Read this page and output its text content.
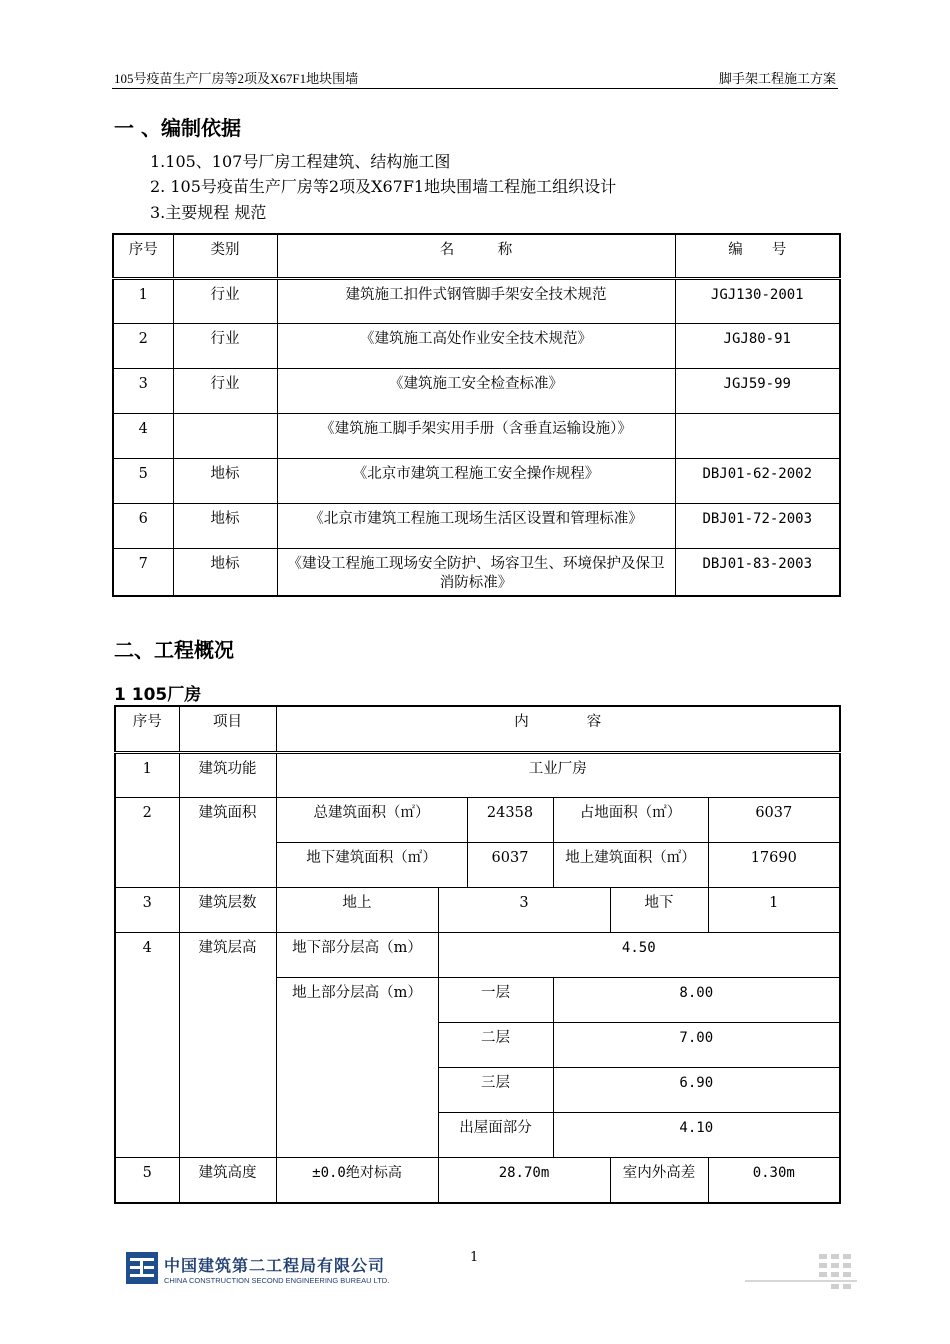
105号疫苗生产厂房等2项及X67F1地块围墙	脚手架工程施工方案
一 、编制依据
1.105、107号厂房工程建筑、结构施工图
2. 105号疫苗生产厂房等2项及X67F1地块围墙工程施工组织设计
3.主要规程 规范
序号	类别	名　　　称	编　　号
1	行业	建筑施工扣件式钢管脚手架安全技术规范	JGJ130-2001
2	行业	《建筑施工高处作业安全技术规范》	JGJ80-91
3	行业	《建筑施工安全检查标准》	JGJ59-99
4		《建筑施工脚手架实用手册（含垂直运输设施）》	
5	地标	《北京市建筑工程施工安全操作规程》	DBJ01-62-2002
6	地标	《北京市建筑工程施工现场生活区设置和管理标准》	DBJ01-72-2003
7	地标	《建设工程施工现场安全防护、场容卫生、环境保护及保卫消防标准》	DBJ01-83-2003
二、工程概况
1 105厂房
序号	项目	内　　　　容					
1	建筑功能	工业厂房					
2	建筑面积	总建筑面积（㎡）		24358	占地面积（㎡）		6037
		地下建筑面积（㎡）		6037	地上建筑面积（㎡）		17690
3	建筑层数	地上	3			地下	1
4	建筑层高	地下部分层高（m）	4.50				
		地上部分层高（m）	一层		8.00		
			二层		7.00		
			三层		6.90		
			出屋面部分		4.10		
5	建筑高度	±0.0绝对标高	28.70m			室内外高差	0.30m
1
中国建筑第二工程局有限公司
CHINA CONSTRUCTION SECOND ENGINEERING BUREAU LTD.
